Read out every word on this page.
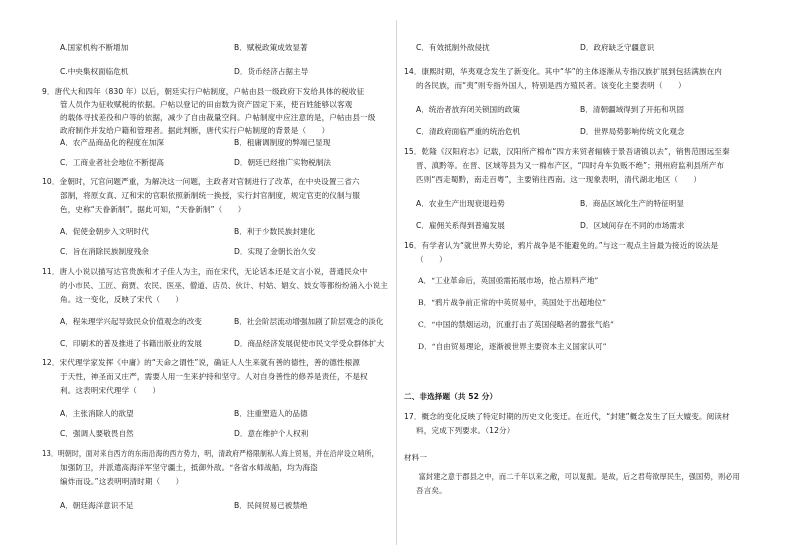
A.国家机构不断增加	B．赋税政策成效显著
C.中央集权面临危机	D．货币经济占据主导
9．唐代大和四年（830 年）以后，朝廷实行户帖制度，户帖由县一级政府下发给具体的税收征
管人员作为征收赋税的依据。户帖以登记的田亩数为资产固定下来，使百姓能够以客观
的载体寻找差役和户等的依据，减少了自由裁量空间。户帖制度中应注意的是，户帖由县一级
政府制作并发给户籍和管理者。据此判断，唐代实行户帖制度的背景是（　　）
A．农产品商品化的程度在加深	B．租庸调制度的弊端已显现
C．工商业者社会地位不断提高	D．朝廷已经推广实物税制法
10．金朝时，冗官问题严重，为解决这一问题，主政者对官制进行了改革，在中央设置三省六
部制，将原女真、辽和宋的官职依照新制统一换授，实行封官制度，规定官吏的仪制与服
色，史称“天眷新制”。据此可知，“天眷新制”（　　）
A．促使金朝步入文明时代	B．利于少数民族封建化
C．旨在消除民族制度残余	D．实现了金朝长治久安
11．唐人小说以描写达官贵族和才子佳人为主，而在宋代，无论话本还是文言小说，普通民众中
的小市民、工匠、商贾、农民、医巫、僧道、店员、伙计、村姑、娼女、妓女等都纷纷涌入小说主
角。这一变化，反映了宋代（　　）
A．程朱理学兴起导致民众价值观念的改变	B．社会阶层流动增强加剧了阶层观念的淡化
C．印刷术的普及推进了书籍出版业的发展	D．商品经济发展促使市民文学受众群体扩大
12．宋代理学家发挥《中庸》的“天命之谓性”说，确证人人生来就有善的德性，善的德性根源
于天性，神圣而又庄严，需要人用一生来护持和坚守。人对自身善性的修养是责任，不是权
利。这表明宋代理学（　　）
A．主张消除人的欲望	B．注重塑造人的品德
C．强调人要敬畏自然	D．意在维护个人权利
13．明朝时，面对来自西方的东南沿海的西方势力，明，清政府严格限制私人海上贸易，并在沿岸设立哨所，
加强防卫，并派遣高海洋军坚守疆土，抵御外敌。“各省水师战船，均为海盗
编炸而设。”这表明明清时期（　　）
A．朝廷海洋意识不足	B．民间贸易已被禁绝
C．有效抵制外敌侵扰	D．政府缺乏守疆意识
14．康熙时期，华夷观念发生了新变化。其中“华”的主体逐渐从专指汉族扩展到包括满族在内
的各民族，而“夷”则专指外国人，特别是西方殖民者。该变化主要表明（　　）
A．统治者放弃闭关锁国的政策	B．清朝疆域得到了开拓和巩固
C．清政府面临严重的统治危机	D．世界局势影响传统文化观念
15．乾隆《汉阳府志》记载，汉阳所产棉布“四方来贸者辐辏于景吾诸镇以去”，销售范围远至秦
晋、滇黔等。在晋、区域等县为又一棉布产区，“四时舟车负贩不绝”；荆州府监利县所产布
匹则“西走蜀黔，南走百粤”，主要销往西南。这一现象表明，清代湖北地区（　　）
A．农业生产出现衰退趋势	B．商品区域化生产的特征明显
C．雇佣关系得到普遍发展	D．区域间存在不同的市场需求
16．有学者认为“就世界大势论，鸦片战争是不能避免的。”与这一观点主旨最为接近的说法是
（　　）
A．“工业革命后，英国亟需拓展市场，抢占原料产地”
B．“鸦片战争前正常的中英贸易中，英国处于出超地位”
C．“中国的禁烟运动，沉重打击了英国侵略者的嚣张气焰”
D．“自由贸易理论，逐渐被世界主要资本主义国家认可”
二、非选择题（共 52 分）
17．概念的变化反映了特定时期的历史文化变迁。在近代，“封建”概念发生了巨大嬗变。阅读材
料，完成下列要求。（12分）
材料一
　　富封建之意于郡县之中，而二千年以来之敝，可以复振。是故，后之君苟欲厚民生，强国势，则必用
吾言矣。
